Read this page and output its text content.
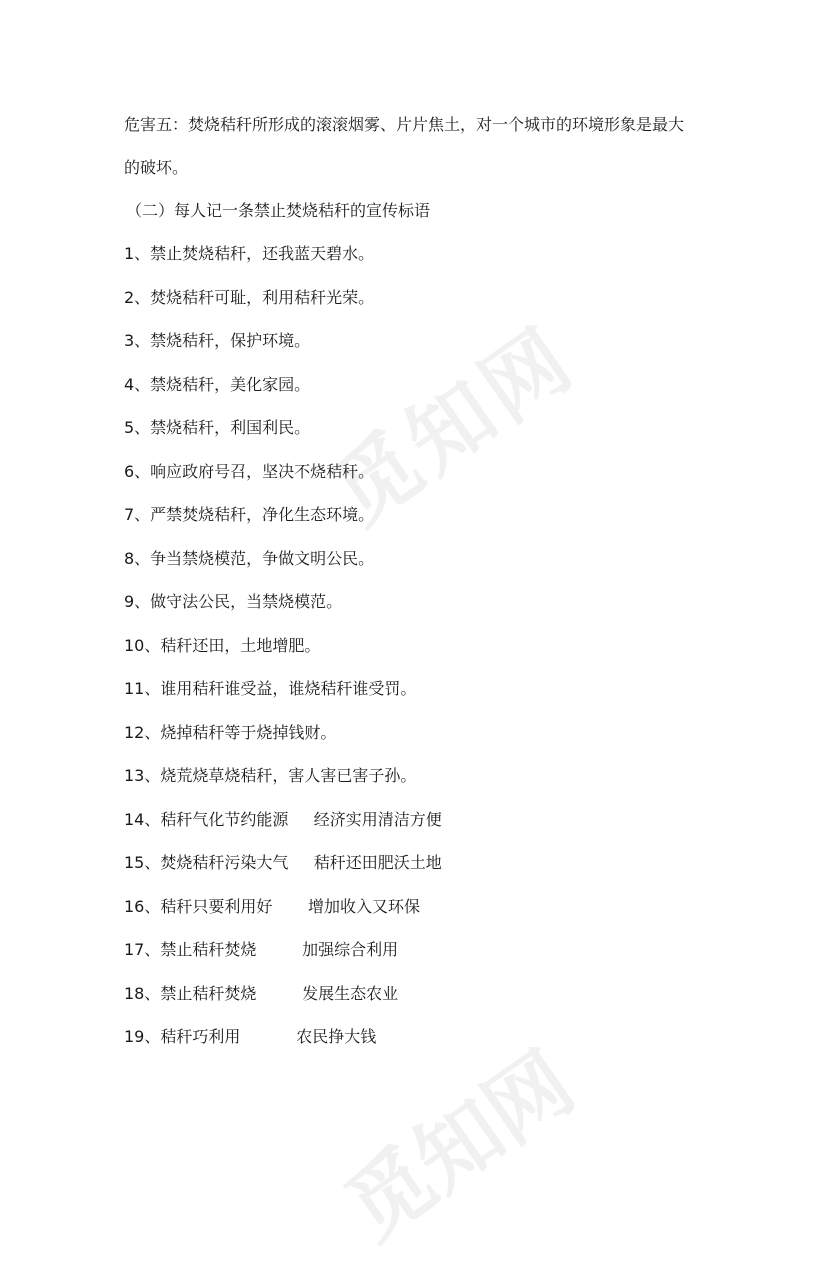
觅知网
觅知网

危害五：焚烧秸秆所形成的滚滚烟雾、片片焦土，对一个城市的环境形象是最大

的破坏。

（二）每人记一条禁止焚烧秸秆的宣传标语

1、禁止焚烧秸秆，还我蓝天碧水。
2、焚烧秸秆可耻，利用秸秆光荣。
3、禁烧秸秆，保护环境。
4、禁烧秸秆，美化家园。
5、禁烧秸秆，利国利民。
6、响应政府号召，坚决不烧秸秆。
7、严禁焚烧秸秆，净化生态环境。
8、争当禁烧模范，争做文明公民。
9、做守法公民，当禁烧模范。
10、秸秆还田，土地增肥。
11、谁用秸秆谁受益，谁烧秸秆谁受罚。
12、烧掉秸秆等于烧掉钱财。
13、烧荒烧草烧秸秆，害人害已害子孙。
14、秸秆气化节约能源     经济实用清洁方便
15、焚烧秸秆污染大气     秸秆还田肥沃土地
16、秸秆只要利用好       增加收入又环保
17、禁止秸秆焚烧         加强综合利用
18、禁止秸秆焚烧         发展生态农业
19、秸秆巧利用           农民挣大钱
